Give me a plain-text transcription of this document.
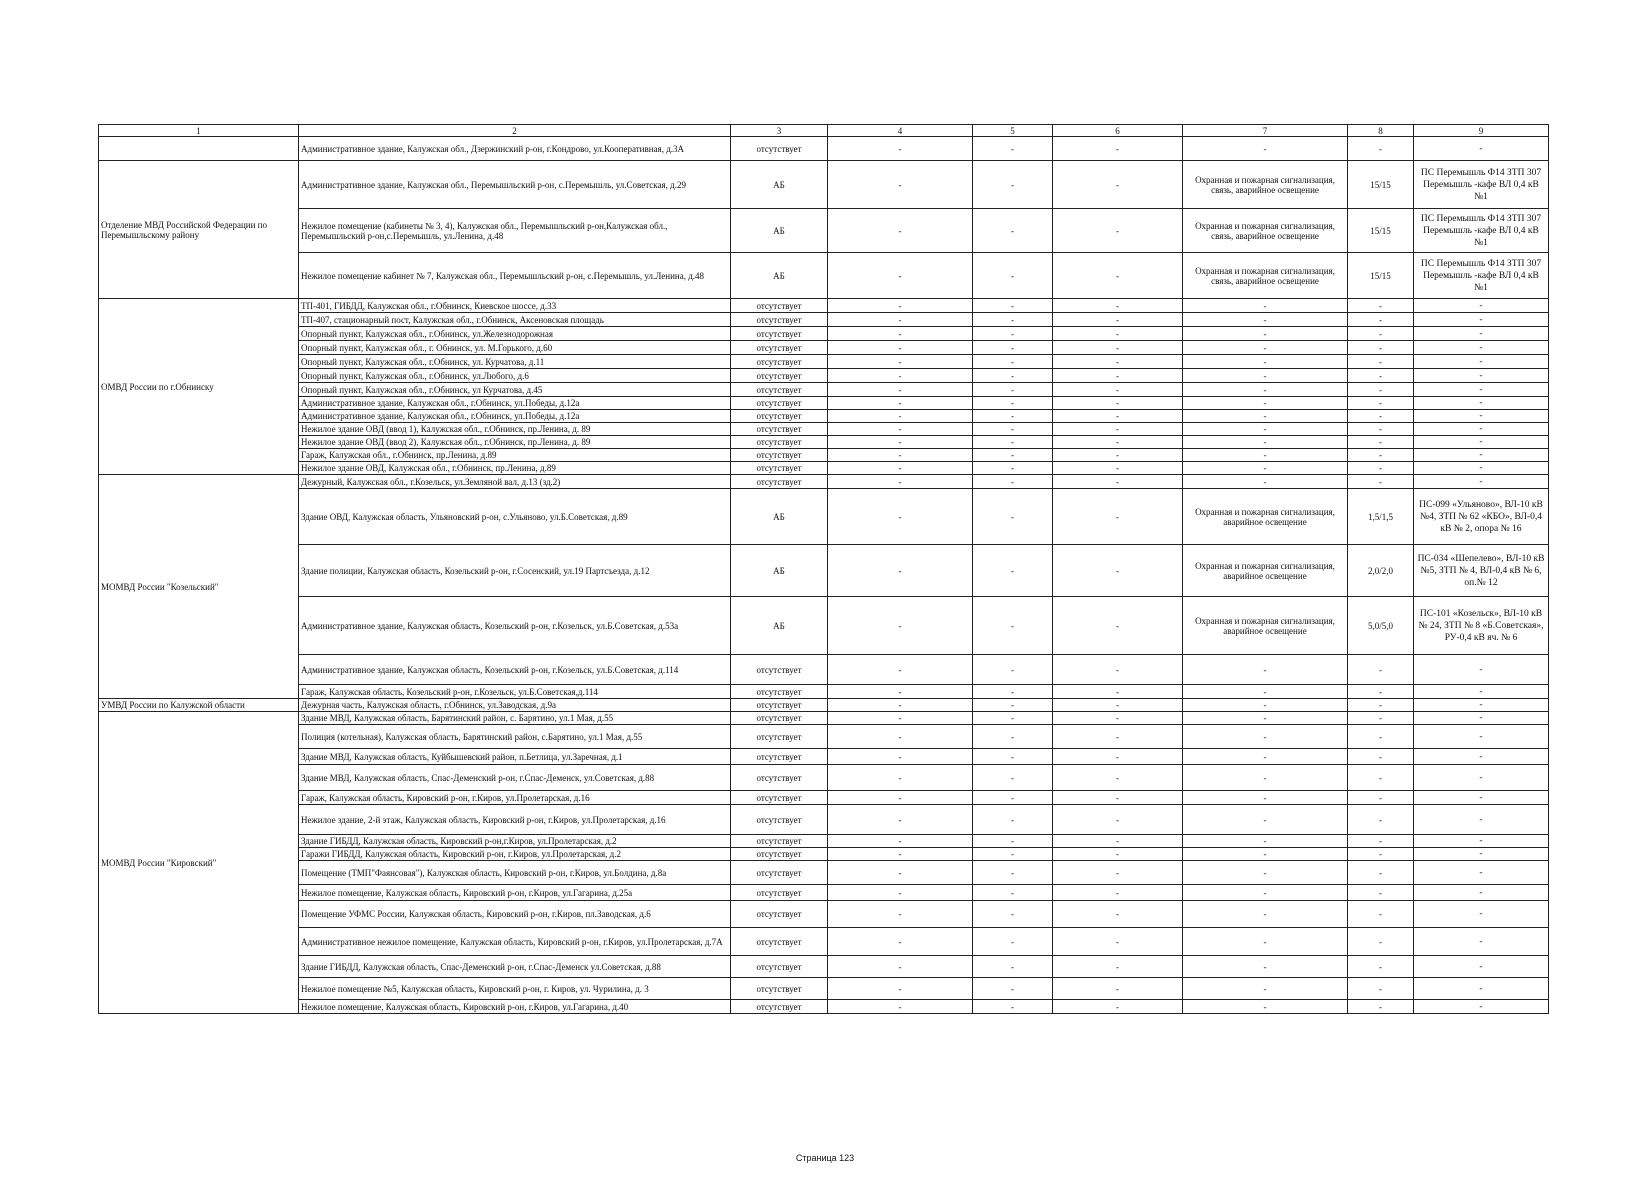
1	2	3	4	5	6	7	8	9
	Административное здание, Калужская обл., Дзержинский р-он, г.Кондрово, ул.Кооперативная, д.3А	отсутствует	-	-	-	-	-	-
Отделение МВД Российской Федерации по Перемышльскому району	Административное здание, Калужская обл., Перемышльский р-он, с.Перемышль, ул.Советская, д.29	АБ	-	-	-	Охранная и пожарная сигнализация, связь, аварийное освещение	15/15	ПС Перемышль Ф14 ЗТП 307 Перемышль -кафе ВЛ 0,4 кВ №1
	Нежилое помещение (кабинеты № 3, 4), Калужская обл., Перемышльский р-он,Калужская обл., Перемышльский р-он,с.Перемышль, ул.Ленина, д.48	АБ	-	-	-	Охранная и пожарная сигнализация, связь, аварийное освещение	15/15	ПС Перемышль Ф14 ЗТП 307 Перемышль -кафе ВЛ 0,4 кВ №1
	Нежилое помещение кабинет № 7, Калужская обл., Перемышльский р-он, с.Перемышль, ул.Ленина, д.48	АБ	-	-	-	Охранная и пожарная сигнализация, связь, аварийное освещение	15/15	ПС Перемышль Ф14 ЗТП 307 Перемышль -кафе ВЛ 0,4 кВ №1
ОМВД России по г.Обнинску	ТП-401, ГИБДД, Калужская обл., г.Обнинск, Киевское шоссе, д.33	отсутствует	-	-	-	-	-	-
	ТП-407, стационарный пост, Калужская обл., г.Обнинск, Аксеновская площадь	отсутствует	-	-	-	-	-	-
	Опорный пункт, Калужская обл., г.Обнинск, ул.Железнодорожная	отсутствует	-	-	-	-	-	-
	Опорный пункт, Калужская обл., г. Обнинск, ул. М.Горького, д.60	отсутствует	-	-	-	-	-	-
	Опорный пункт, Калужская обл., г.Обнинск, ул. Курчатова, д.11	отсутствует	-	-	-	-	-	-
	Опорный пункт, Калужская обл., г.Обнинск, ул.Любого, д.6	отсутствует	-	-	-	-	-	-
	Опорный пункт, Калужская обл., г.Обнинск, ул Курчатова, д.45	отсутствует	-	-	-	-	-	-
	Административное здание, Калужская обл., г.Обнинск, ул.Победы, д.12а	отсутствует	-	-	-	-	-	-
	Административное здание, Калужская обл., г.Обнинск, ул.Победы, д.12а	отсутствует	-	-	-	-	-	-
	Нежилое здание ОВД (ввод 1), Калужская обл., г.Обнинск, пр.Ленина, д. 89	отсутствует	-	-	-	-	-	-
	Нежилое здание ОВД (ввод 2), Калужская обл., г.Обнинск, пр.Ленина, д. 89	отсутствует	-	-	-	-	-	-
	Гараж, Калужская обл., г.Обнинск, пр.Ленина, д.89	отсутствует	-	-	-	-	-	-
	Нежилое здание ОВД, Калужская обл., г.Обнинск, пр.Ленина, д.89	отсутствует	-	-	-	-	-	-
МОМВД России "Козельский"	Дежурный, Калужская обл., г.Козельск, ул.Земляной вал, д.13 (зд.2)	отсутствует	-	-	-	-	-	-
	Здание ОВД, Калужская область, Ульяновский р-он, с.Ульяново, ул.Б.Советская, д.89	АБ	-	-	-	Охранная и пожарная сигнализация, аварийное освещение	1,5/1,5	ПС-099 «Ульяново», ВЛ-10 кВ №4, ЗТП № 62 «КБО», ВЛ-0,4 кВ № 2, опора № 16
	Здание полиции, Калужская область, Козельский р-он, г.Сосенский, ул.19 Партсъезда, д.12	АБ	-	-	-	Охранная и пожарная сигнализация, аварийное освещение	2,0/2,0	ПС-034 «Шепелево», ВЛ-10 кВ №5, ЗТП № 4, ВЛ-0,4 кВ № 6, оп.№ 12
	Административное здание, Калужская область, Козельский р-он, г.Козельск, ул.Б.Советская, д.53а	АБ	-	-	-	Охранная и пожарная сигнализация, аварийное освещение	5,0/5,0	ПС-101 «Козельск», ВЛ-10 кВ № 24, ЗТП № 8 «Б.Советская», РУ-0,4 кВ яч. № 6
	Административное здание, Калужская область, Козельский р-он, г.Козельск, ул.Б.Советская, д.114	отсутствует	-	-	-	-	-	-
	Гараж, Калужская область, Козельский р-он, г.Козельск, ул.Б.Советская,д.114	отсутствует	-	-	-	-	-	-
УМВД России по Калужской области	Дежурная часть, Калужская область, г.Обнинск, ул.Заводская, д.9а	отсутствует	-	-	-	-	-	-
МОМВД России "Кировский"	Здание МВД, Калужская область, Барятинский район, с. Барятино, ул.1 Мая, д.55	отсутствует	-	-	-	-	-	-
	Полиция (котельная), Калужская область, Барятинский район, с.Барятино, ул.1 Мая, д.55	отсутствует	-	-	-	-	-	-
	Здание МВД, Калужская область, Куйбышевский район, п.Бетлица, ул.Заречная, д.1	отсутствует	-	-	-	-	-	-
	Здание МВД, Калужская область, Спас-Деменский р-он, г.Спас-Деменск, ул.Советская, д.88	отсутствует	-	-	-	-	-	-
	Гараж, Калужская область, Кировский р-он, г.Киров, ул.Пролетарская, д.16	отсутствует	-	-	-	-	-	-
	Нежилое здание, 2-й этаж, Калужская область, Кировский р-он, г.Киров, ул.Пролетарская, д.16	отсутствует	-	-	-	-	-	-
	Здание ГИБДД, Калужская область, Кировский р-он,г.Киров, ул.Пролетарская, д.2	отсутствует	-	-	-	-	-	-
	Гаражи ГИБДД, Калужская область, Кировский р-он, г.Киров, ул.Пролетарская, д.2	отсутствует	-	-	-	-	-	-
	Помещение (ТМП"Фаянсовая"), Калужская область, Кировский р-он, г.Киров, ул.Болдина, д.8а	отсутствует	-	-	-	-	-	-
	Нежилое помещение, Калужская область, Кировский р-он, г.Киров, ул.Гагарина, д.25а	отсутствует	-	-	-	-	-	-
	Помещение УФМС России, Калужская область, Кировский р-он, г.Киров, пл.Заводская, д.6	отсутствует	-	-	-	-	-	-
	Административное нежилое помещение, Калужская область, Кировский р-он, г.Киров, ул.Пролетарская, д.7А	отсутствует	-	-	-	-	-	-
	Здание ГИБДД, Калужская область, Спас-Деменский р-он, г.Спас-Деменск ул.Советская, д.88	отсутствует	-	-	-	-	-	-
	Нежилое помещение №5, Калужская область, Кировский р-он, г. Киров, ул. Чурилина, д. 3	отсутствует	-	-	-	-	-	-
	Нежилое помещение, Калужская область, Кировский р-он, г.Киров, ул.Гагарина, д.40	отсутствует	-	-	-	-	-	-
Страница 123
